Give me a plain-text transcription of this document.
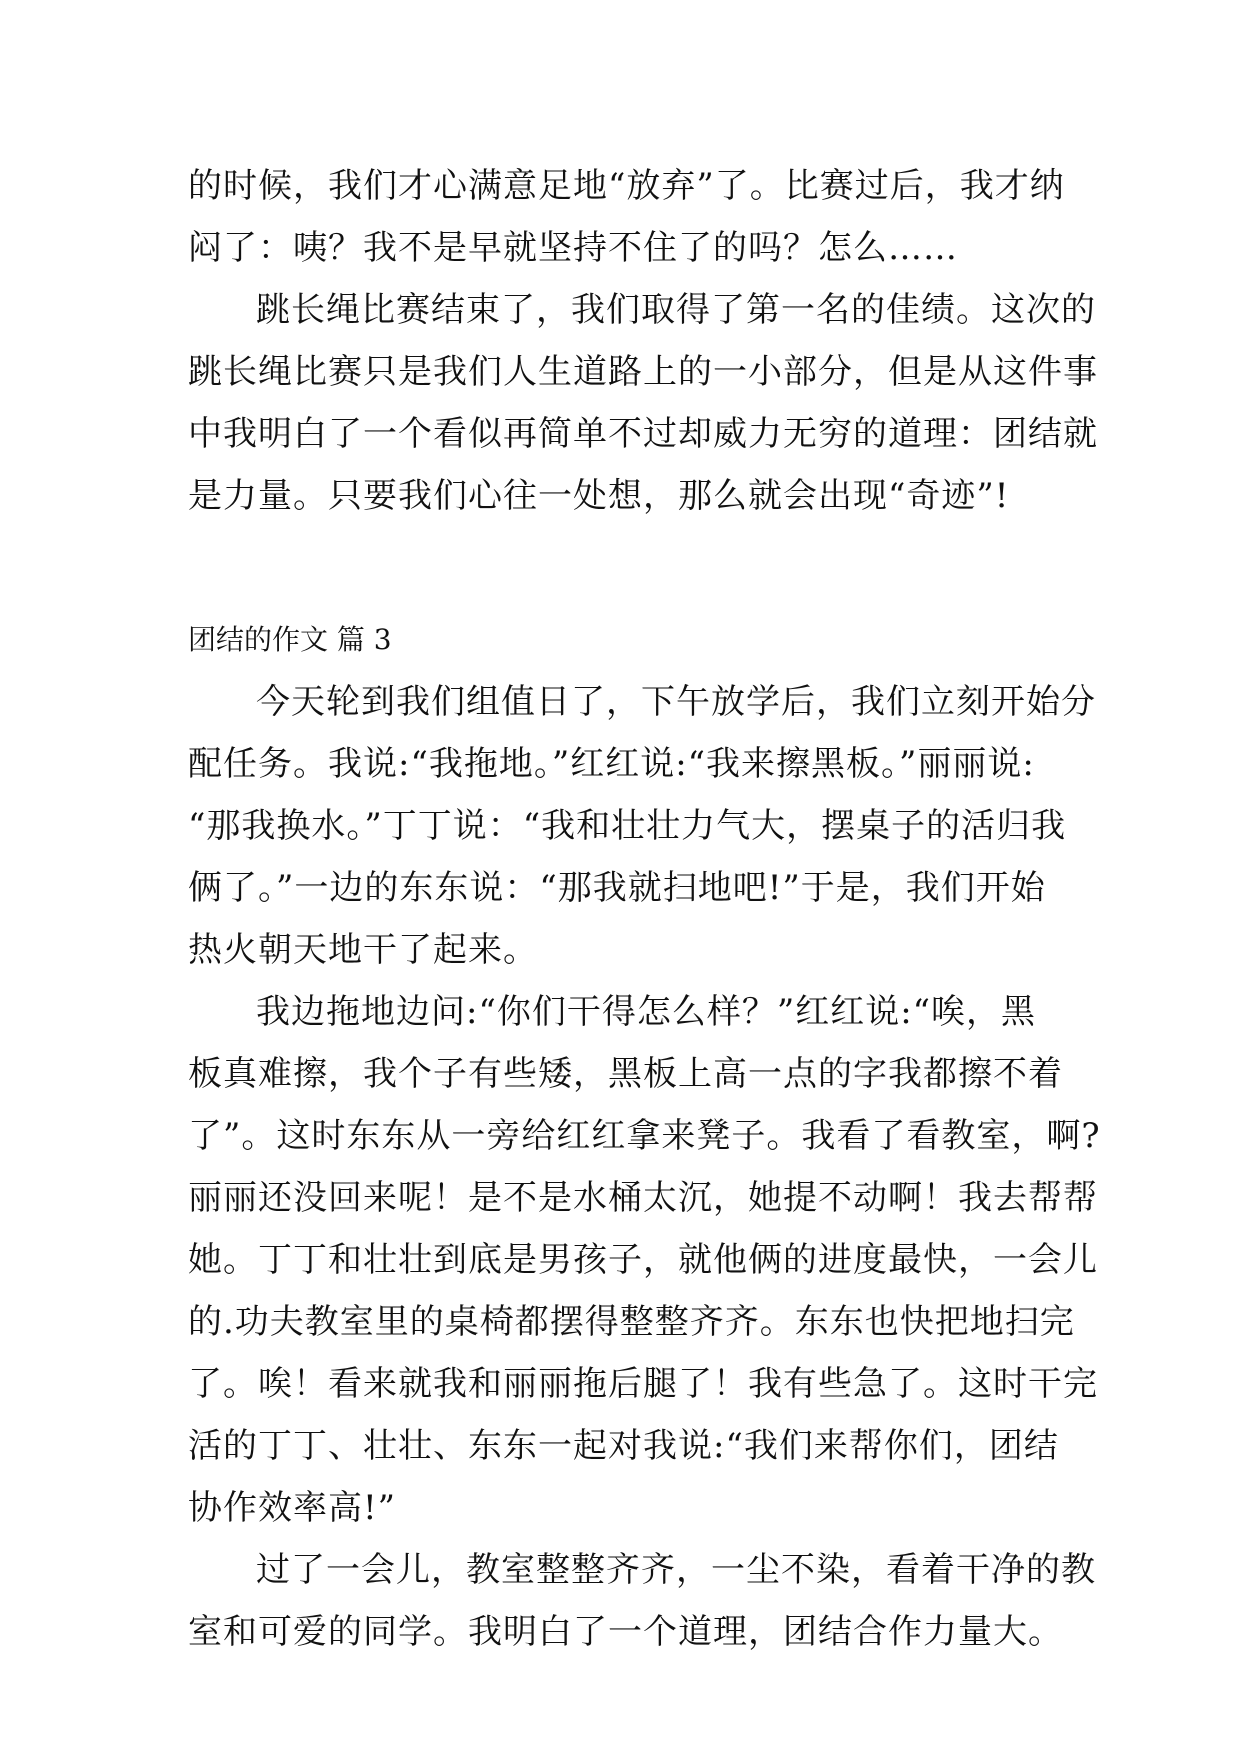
的时候，我们才心满意足地“放弃”了。比赛过后，我才纳
闷了：咦？我不是早就坚持不住了的吗？怎么……
跳长绳比赛结束了，我们取得了第一名的佳绩。这次的
跳长绳比赛只是我们人生道路上的一小部分，但是从这件事
中我明白了一个看似再简单不过却威力无穷的道理：团结就
是力量。只要我们心往一处想，那么就会出现“奇迹”!
团结的作文 篇 3
今天轮到我们组值日了，下午放学后，我们立刻开始分
配任务。我说:“我拖地。”红红说:“我来擦黑板。”丽丽说:
“那我换水。”丁丁说：“我和壮壮力气大，摆桌子的活归我
俩了。”一边的东东说：“那我就扫地吧!”于是，我们开始
热火朝天地干了起来。
我边拖地边问:“你们干得怎么样？”红红说:“唉，黑
板真难擦，我个子有些矮，黑板上高一点的字我都擦不着
了”。这时东东从一旁给红红拿来凳子。我看了看教室，啊?
丽丽还没回来呢！是不是水桶太沉，她提不动啊！我去帮帮
她。丁丁和壮壮到底是男孩子，就他俩的进度最快，一会儿
的.功夫教室里的桌椅都摆得整整齐齐。东东也快把地扫完
了。唉！看来就我和丽丽拖后腿了！我有些急了。这时干完
活的丁丁、壮壮、东东一起对我说:“我们来帮你们，团结
协作效率高!”
过了一会儿，教室整整齐齐，一尘不染，看着干净的教
室和可爱的同学。我明白了一个道理，团结合作力量大。
